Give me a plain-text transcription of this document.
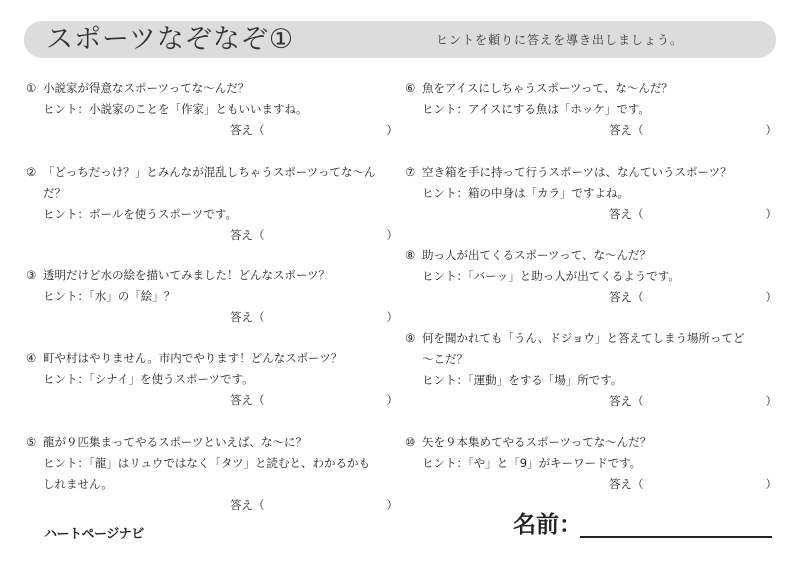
スポーツなぞなぞ①	ヒントを頼りに答えを導き出しましょう。
① 小説家が得意なスポーツってな〜んだ？
ヒント：小説家のことを「作家」ともいいますね。
答え（	）
② 「どっちだっけ？」とみんなが混乱しちゃうスポーツってな〜ん
だ？
ヒント：ボールを使うスポーツです。
答え（	）
③ 透明だけど水の絵を描いてみました！どんなスポーツ？
ヒント：「水」の「絵」？
答え（	）
④ 町や村はやりません。市内でやります！どんなスポーツ？
ヒント：「シナイ」を使うスポーツです。
答え（	）
⑤ 龍が９匹集まってやるスポーツといえば、な〜に？
ヒント：「龍」はリュウではなく「タツ」と読むと、わかるかも
しれません。
答え（	）
⑥ 魚をアイスにしちゃうスポーツって、な〜んだ？
ヒント：アイスにする魚は「ホッケ」です。
答え（	）
⑦ 空き箱を手に持って行うスポーツは、なんていうスポーツ？
ヒント：箱の中身は「カラ」ですよね。
答え（	）
⑧ 助っ人が出てくるスポーツって、な〜んだ？
ヒント：「バーッ」と助っ人が出てくるようです。
答え（	）
⑨ 何を聞かれても「うん、ドジョウ」と答えてしまう場所ってど
〜こだ？
ヒント：「運動」をする「場」所です。
答え（	）
⑩ 矢を９本集めてやるスポーツってな〜んだ？
ヒント：「や」と「9」がキーワードです。
答え（	）
ハートページナビ	名前：
